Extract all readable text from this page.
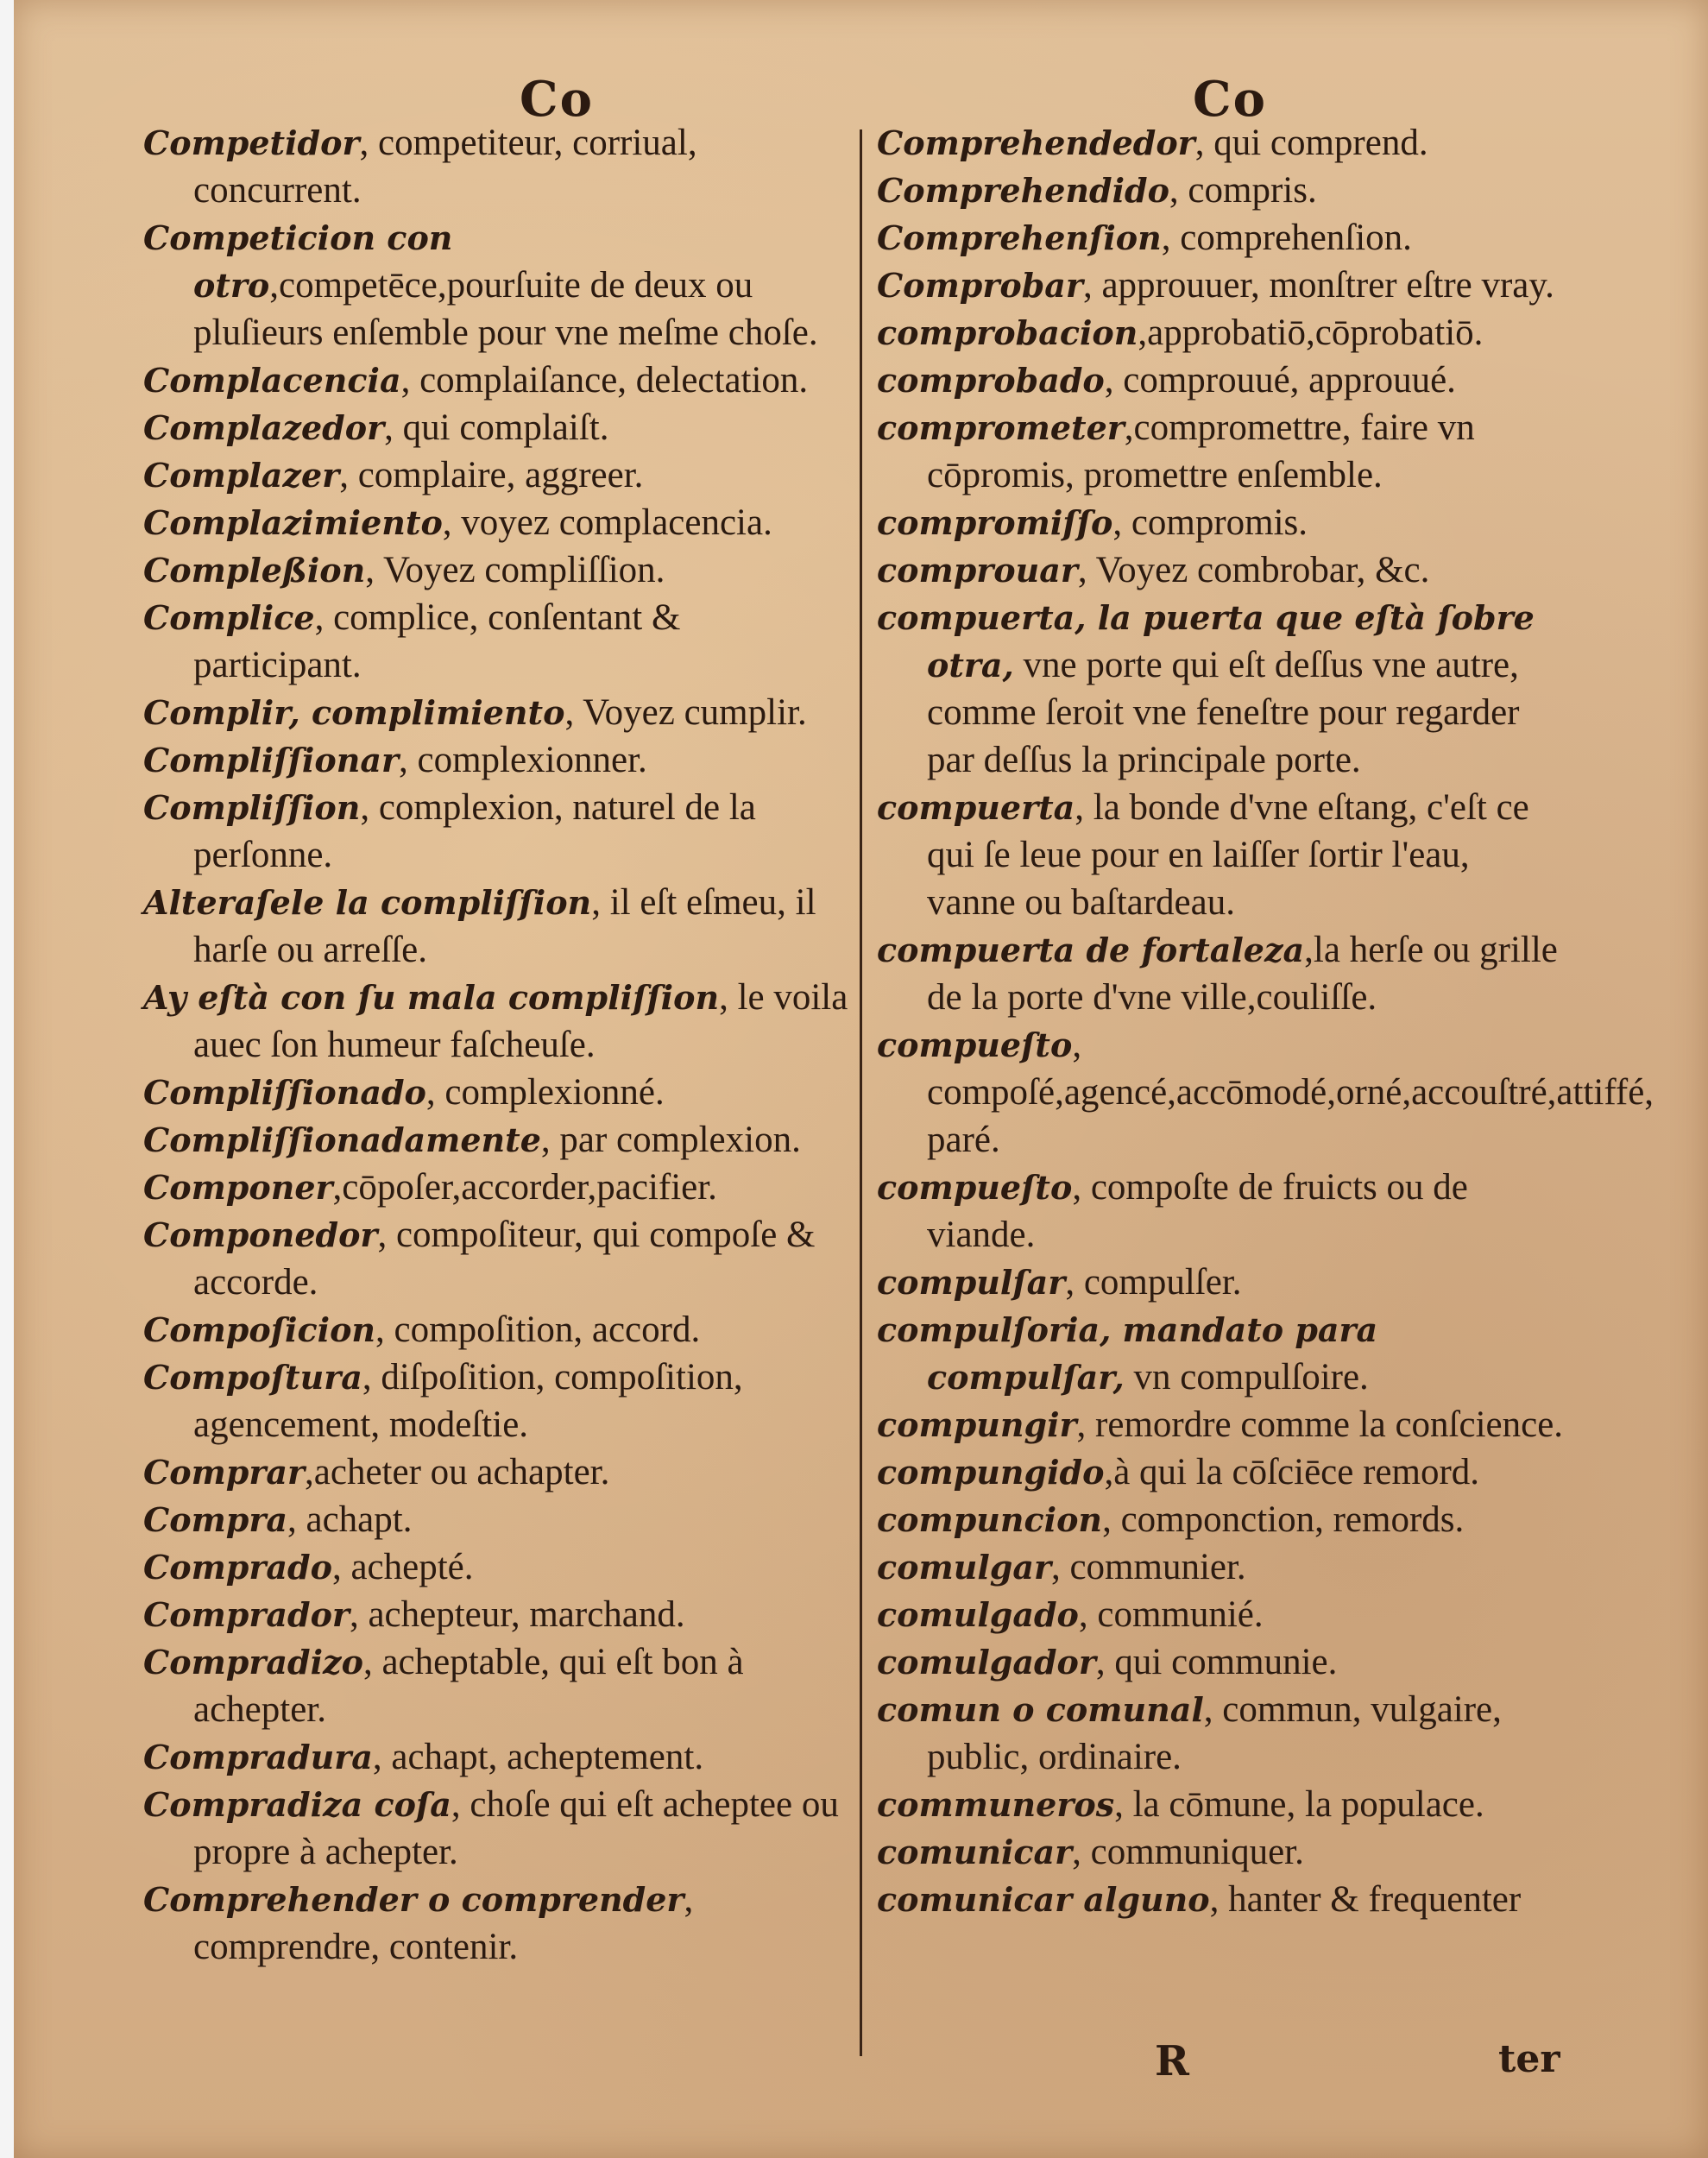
Co	Co

Competidor, competiteur, corriual, concurrent.

Competicion con otro,competēce,pourſuite de deux ou pluſieurs enſemble pour vne meſme choſe.

Complacencia, complaiſance, delectation.

Complazedor, qui complaiſt.

Complazer, complaire, aggreer.

Complazimiento, voyez complacencia.

Compleßion, Voyez compliſſion.

Complice, complice, conſentant & participant.

Complir, complimiento, Voyez cumplir.

Compliſſionar, complexionner.

Compliſſion, complexion, naturel de la perſonne.

Alteraſele la compliſſion, il eſt eſmeu, il harſe ou arreſſe.

Ay eſtà con ſu mala compliſſion, le voila auec ſon humeur faſcheuſe.

Compliſſionado, complexionné.

Compliſſionadamente, par complexion.

Componer,cōpoſer,accorder,pacifier.

Componedor, compoſiteur, qui compoſe & accorde.

Compoſicion, compoſition, accord.

Compoſtura, diſpoſition, compoſition, agencement, modeſtie.

Comprar,acheter ou achapter.

Compra, achapt.

Comprado, achepté.

Comprador, achepteur, marchand.

Compradizo, acheptable, qui eſt bon à achepter.

Compradura, achapt, acheptement.

Compradiza coſa, choſe qui eſt acheptee ou propre à achepter.

Comprehender o comprender, comprendre, contenir.

Comprehendedor, qui comprend.

Comprehendido, compris.

Comprehenſion, comprehenſion.

Comprobar, approuuer, monſtrer eſtre vray.

comprobacion,approbatiō,cōprobatiō.

comprobado, comprouué, approuué.

comprometer,compromettre, faire vn cōpromis, promettre enſemble.

compromiſſo, compromis.

comprouar, Voyez combrobar, &c.

compuerta, la puerta que eſtà ſobre otra, vne porte qui eſt deſſus vne autre, comme ſeroit vne feneſtre pour regarder par deſſus la principale porte.

compuerta, la bonde d'vne eſtang, c'eſt ce qui ſe leue pour en laiſſer ſortir l'eau, vanne ou baſtardeau.

compuerta de fortaleza,la herſe ou grille de la porte d'vne ville,couliſſe.

compueſto, compoſé,agencé,accōmodé,orné,accouſtré,attiffé, paré.

compueſto, compoſte de fruicts ou de viande.

compulſar, compulſer.

compulſoria, mandato para compulſar, vn compulſoire.

compungir, remordre comme la conſcience.

compungido,à qui la cōſciēce remord.

compuncion, componction, remords.

comulgar, communier.

comulgado, communié.

comulgador, qui communie.

comun o comunal, commun, vulgaire, public, ordinaire.

communeros, la cōmune, la populace.

comunicar, communiquer.

comunicar alguno, hanter & frequenter

R	ter
